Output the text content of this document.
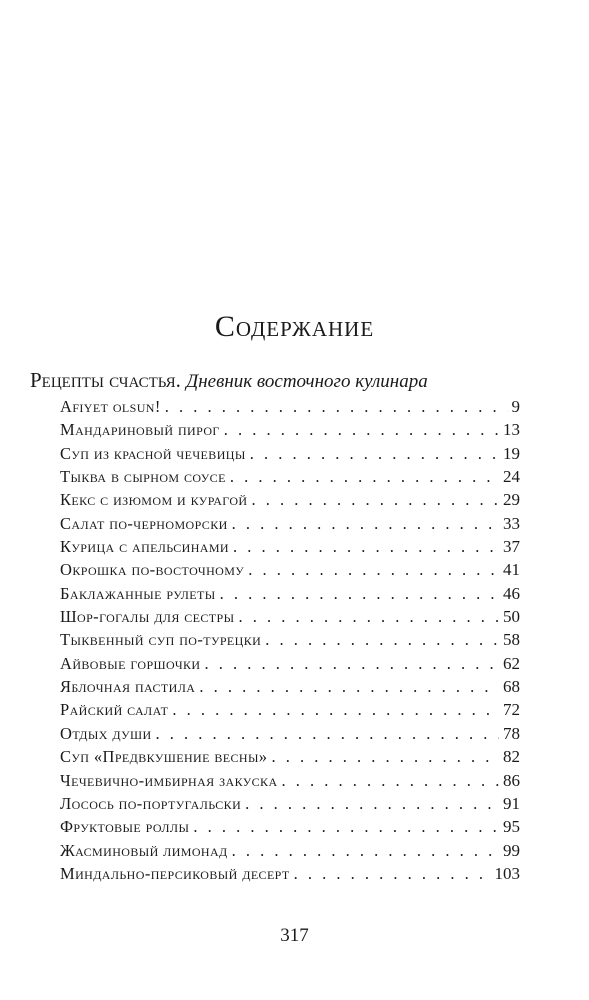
Содержание
Рецепты счастья. Дневник восточного кулинара
Afiyet olsun! . . .	9
Мандариновый пирог . . .	13
Суп из красной чечевицы . . .	19
Тыква в сырном соусе . . .	24
Кекс с изюмом и курагой . . .	29
Салат по-черноморски . . .	33
Курица с апельсинами . . .	37
Окрошка по-восточному . . .	41
Баклажанные рулеты . . .	46
Шор-гогалы для сестры . . .	50
Тыквенный суп по-турецки . . .	58
Айвовые горшочки . . .	62
Яблочная пастила . . .	68
Райский салат . . .	72
Отдых души . . .	78
Суп «Предвкушение весны» . . .	82
Чечевично-имбирная закуска . . .	86
Лосось по-португальски . . .	91
Фруктовые роллы . . .	95
Жасминовый лимонад . . .	99
Миндально-персиковый десерт . . .	103
317
